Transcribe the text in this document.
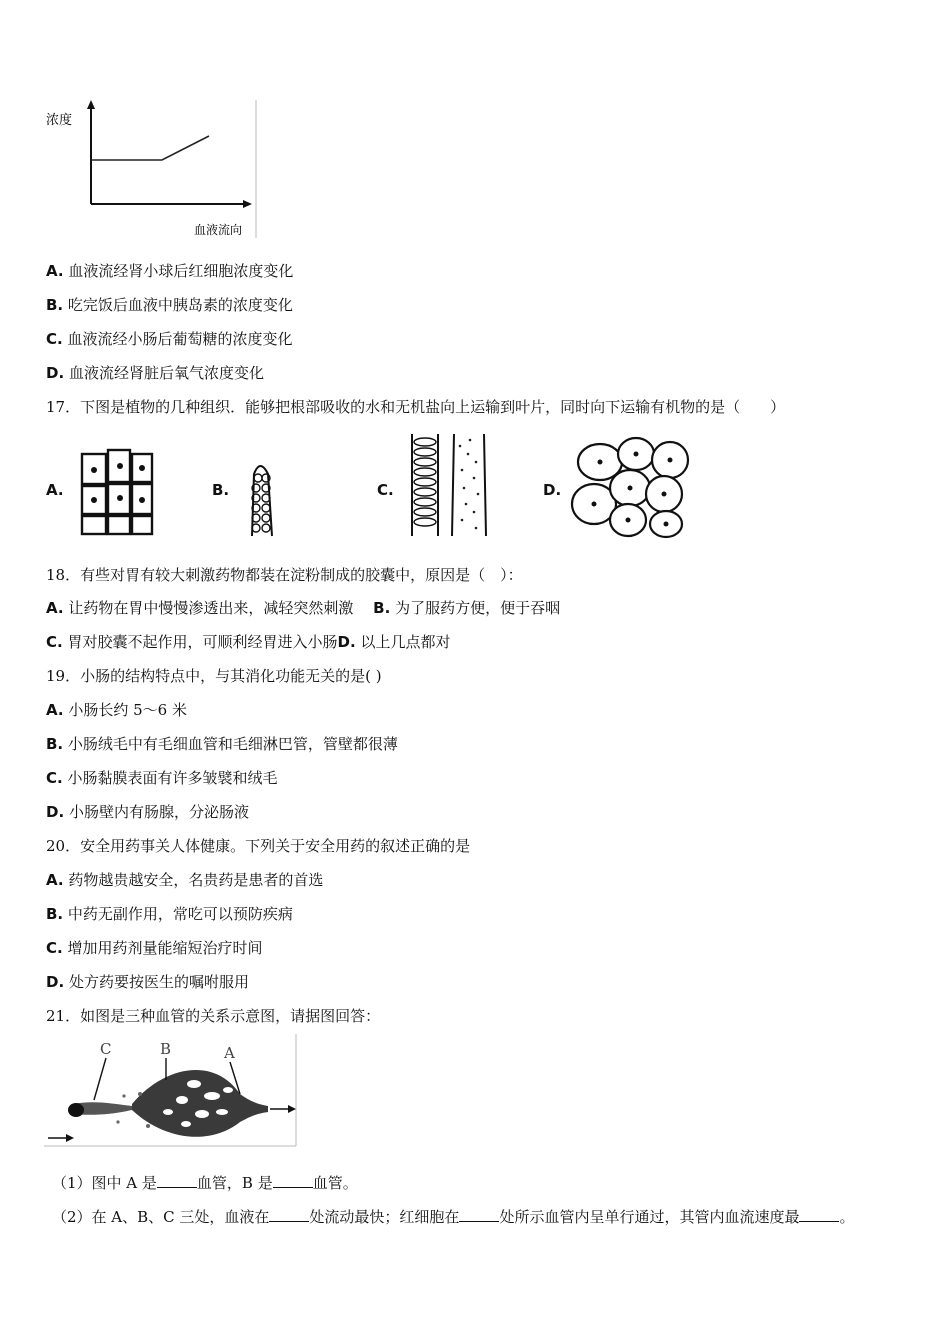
浓度
血液流向
A. 血液流经肾小球后红细胞浓度变化
B. 吃完饭后血液中胰岛素的浓度变化
C. 血液流经小肠后葡萄糖的浓度变化
D. 血液流经肾脏后氧气浓度变化
17．下图是植物的几种组织．能够把根部吸收的水和无机盐向上运输到叶片，同时向下运输有机物的是（　　）
A.	B.	C.	D.
18．有些对胃有较大刺激药物都装在淀粉制成的胶囊中，原因是（　）：
A. 让药物在胃中慢慢渗透出来，减轻突然刺激　 B. 为了服药方便，便于吞咽
C. 胃对胶囊不起作用，可顺利经胃进入小肠D. 以上几点都对
19．小肠的结构特点中，与其消化功能无关的是( )
A. 小肠长约 5～6 米
B. 小肠绒毛中有毛细血管和毛细淋巴管，管壁都很薄
C. 小肠黏膜表面有许多皱襞和绒毛
D. 小肠壁内有肠腺，分泌肠液
20．安全用药事关人体健康。下列关于安全用药的叙述正确的是
A. 药物越贵越安全，名贵药是患者的首选
B. 中药无副作用，常吃可以预防疾病
C. 增加用药剂量能缩短治疗时间
D. 处方药要按医生的嘱咐服用
21．如图是三种血管的关系示意图，请据图回答：
C	B	A
（1）图中 A 是	血管，B 是	血管。
（2）在 A、B、C 三处，血液在	处流动最快；红细胞在	处所示血管内呈单行通过，其管内血流速度最	。
